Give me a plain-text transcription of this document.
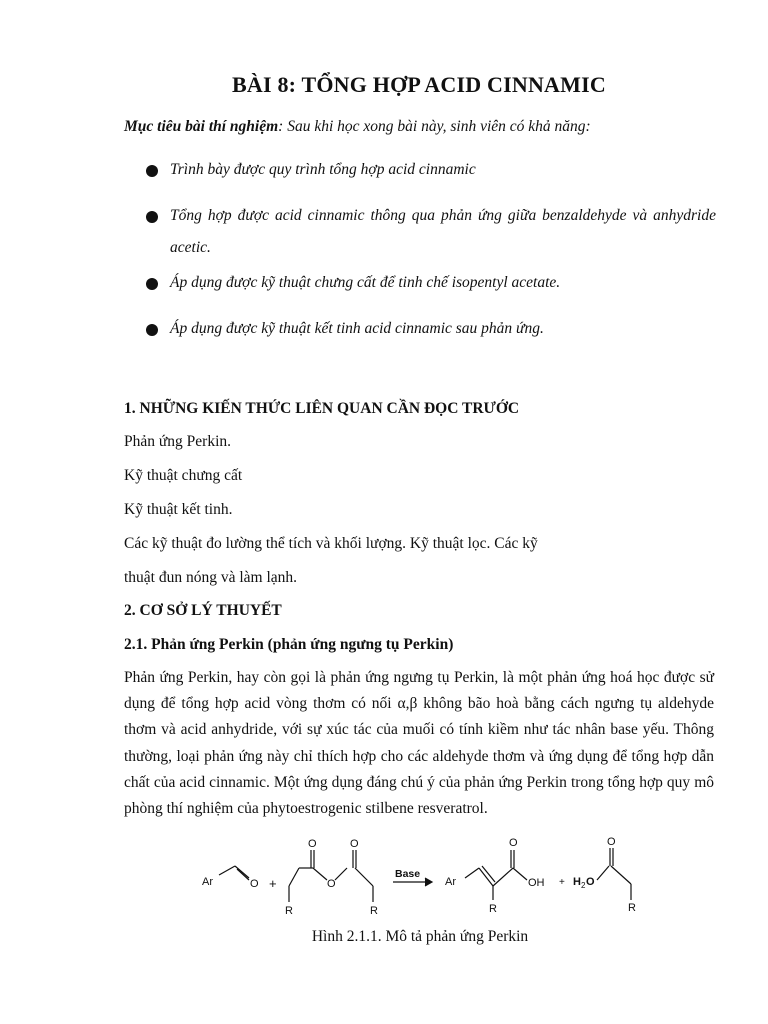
BÀI 8: TỔNG HỢP ACID CINNAMIC
Mục tiêu bài thí nghiệm: Sau khi học xong bài này, sinh viên có khả năng:
Trình bày được quy trình tổng hợp acid cinnamic
Tổng hợp được acid cinnamic thông qua phản ứng giữa benzaldehyde và anhydride acetic.
Áp dụng được kỹ thuật chưng cất để tinh chế isopentyl acetate.
Áp dụng được kỹ thuật kết tinh acid cinnamic sau phản ứng.
1. NHỮNG KIẾN THỨC LIÊN QUAN CẦN ĐỌC TRƯỚC
Phản ứng Perkin.
Kỹ thuật chưng cất
Kỹ thuật kết tinh.
Các kỹ thuật đo lường thể tích và khối lượng. Kỹ thuật lọc. Các kỹ
thuật đun nóng và làm lạnh.
2. CƠ SỞ LÝ THUYẾT
2.1. Phản ứng Perkin (phản ứng ngưng tụ Perkin)
Phản ứng Perkin, hay còn gọi là phản ứng ngưng tụ Perkin, là một phản ứng hoá học được sử dụng để tổng hợp acid vòng thơm có nối α,β không bão hoà bằng cách ngưng tụ aldehyde thơm và acid anhydride, với sự xúc tác của muối có tính kiềm như tác nhân base yếu. Thông thường, loại phản ứng này chỉ thích hợp cho các aldehyde thơm và ứng dụng để tổng hợp dẫn chất của acid cinnamic. Một ứng dụng đáng chú ý của phản ứng Perkin trong tổng hợp quy mô phòng thí nghiệm của phytoestrogenic stilbene resveratrol.
Ar	O +
O	O
O
R	R
Base
Ar
O
OH
R
+ H 2 O
O
R
Hình 2.1.1. Mô tả phản ứng Perkin
